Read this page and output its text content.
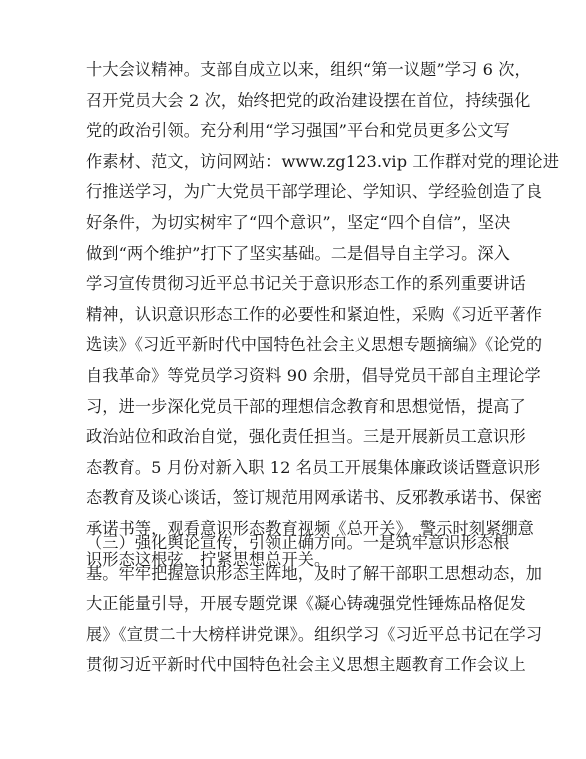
十大会议精神。支部自成立以来，组织“第一议题”学习 6 次，
召开党员大会 2 次，始终把党的政治建设摆在首位，持续强化
党的政治引领。充分利用“学习强国”平台和党员更多公文写
作素材、范文，访问网站：www.zg123.vip 工作群对党的理论进
行推送学习，为广大党员干部学理论、学知识、学经验创造了良
好条件，为切实树牢了“四个意识”，坚定“四个自信”，坚决
做到“两个维护”打下了坚实基础。二是倡导自主学习。深入
学习宣传贯彻习近平总书记关于意识形态工作的系列重要讲话
精神，认识意识形态工作的必要性和紧迫性，采购《习近平著作
选读》《习近平新时代中国特色社会主义思想专题摘编》《论党的
自我革命》等党员学习资料 90 余册，倡导党员干部自主理论学
习，进一步深化党员干部的理想信念教育和思想觉悟，提高了
政治站位和政治自觉，强化责任担当。三是开展新员工意识形
态教育。5 月份对新入职 12 名员工开展集体廉政谈话暨意识形
态教育及谈心谈话，签订规范用网承诺书、反邪教承诺书、保密
承诺书等，观看意识形态教育视频《总开关》，警示时刻紧绷意
识形态这根弦，拧紧思想总开关。
（三）强化舆论宣传，引领正确方向。一是筑牢意识形态根
基。牢牢把握意识形态主阵地，及时了解干部职工思想动态，加
大正能量引导，开展专题党课《凝心铸魂强党性锤炼品格促发
展》《宣贯二十大榜样讲党课》。组织学习《习近平总书记在学习
贯彻习近平新时代中国特色社会主义思想主题教育工作会议上
